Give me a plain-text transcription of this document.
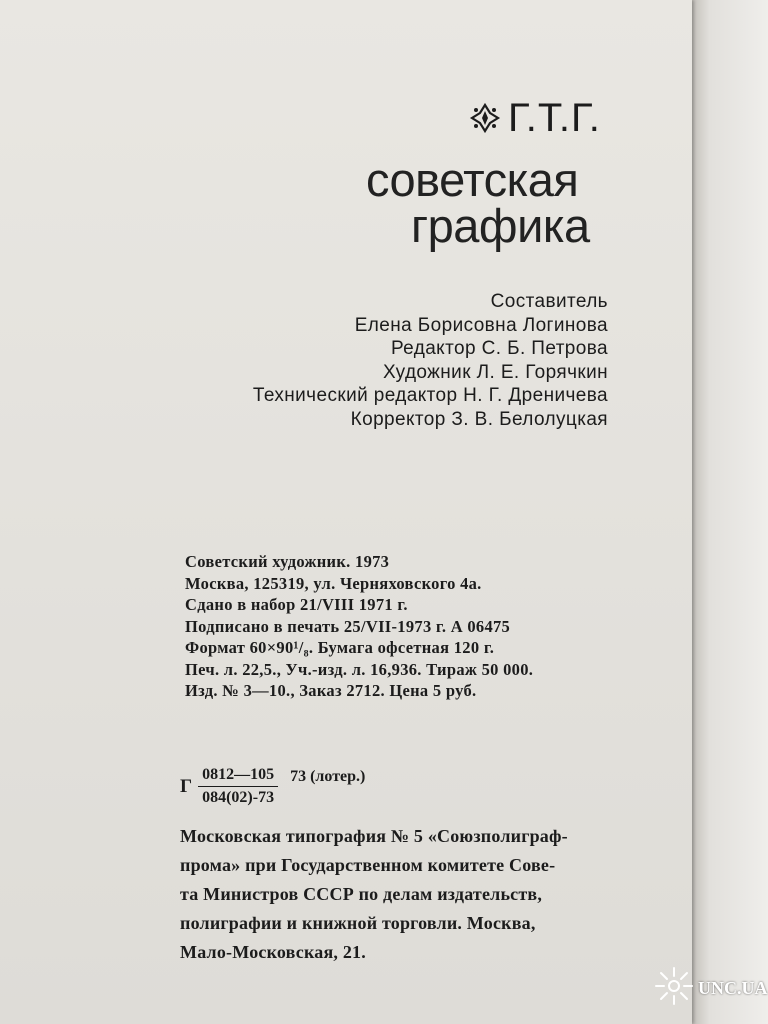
Г.Т.Г.
советская
графика
Составитель
Елена Борисовна Логинова
Редактор С. Б. Петрова
Художник Л. Е. Горячкин
Технический редактор Н. Г. Дреничева
Корректор З. В. Белолуцкая
Советский художник. 1973
Москва, 125319, ул. Черняховского 4а.
Сдано в набор 21/VIII 1971 г.
Подписано в печать 25/VII-1973 г. А 06475
Формат 60×90¹/₈. Бумага офсетная 120 г.
Печ. л. 22,5., Уч.-изд. л. 16,936. Тираж 50 000.
Изд. № 3—10., Заказ 2712. Цена 5 руб.
Г $\frac{0812—105}{084(02)-73} 73$ (лотер.)
Московская типография № 5 «Союзполиграф-
прома» при Государственном комитете Сове-
та Министров СССР по делам издательств,
полиграфии и книжной торговли. Москва,
Мало-Московская, 21.
UNC.UA
